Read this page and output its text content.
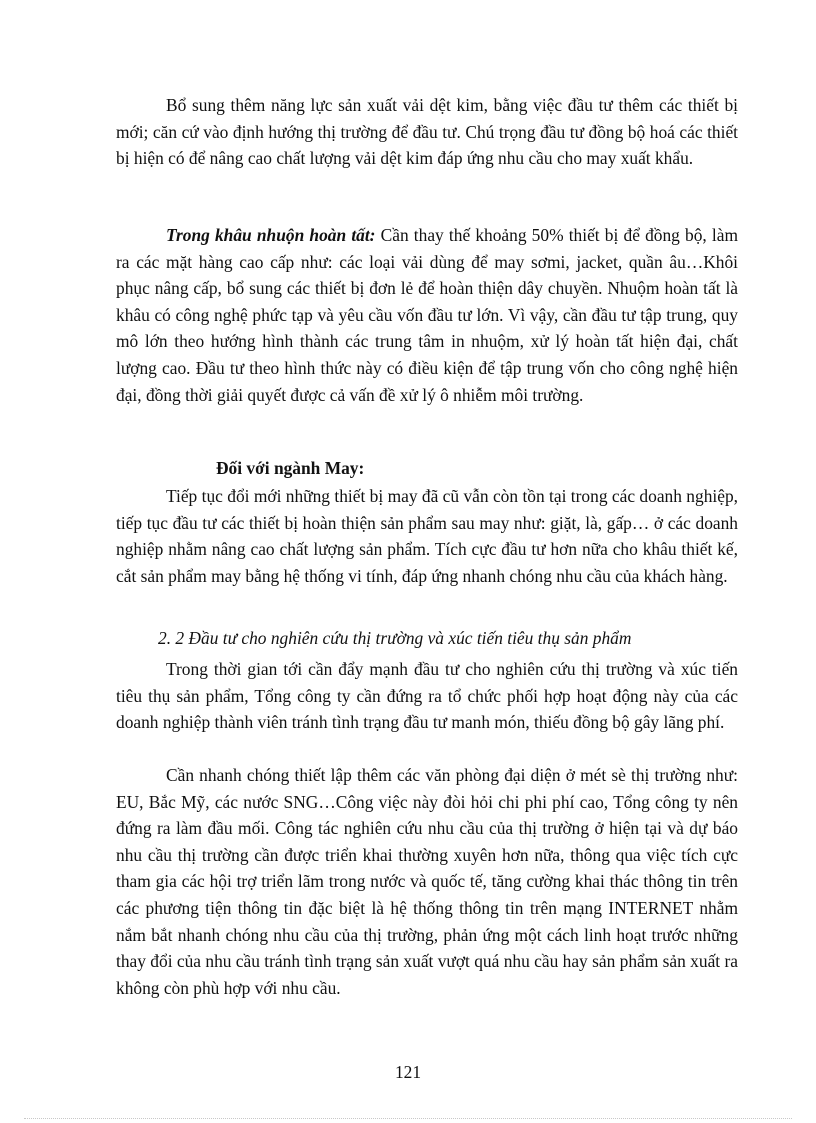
Bổ sung thêm năng lực sản xuất vải dệt kim, bằng việc đầu tư thêm các thiết bị mới; căn cứ vào định hướng thị trường để đầu tư. Chú trọng đầu tư đồng bộ hoá các thiết bị hiện có để nâng cao chất lượng vải dệt kim đáp ứng nhu cầu cho may xuất khẩu.

Trong khâu nhuộn hoàn tất: Cần thay thế khoảng 50% thiết bị để đồng bộ, làm ra các mặt hàng cao cấp như: các loại vải dùng để may sơmi, jacket, quần âu…Khôi phục nâng cấp, bổ sung các thiết bị đơn lẻ để hoàn thiện dây chuyền. Nhuộm hoàn tất là khâu có công nghệ phức tạp và yêu cầu vốn đầu tư lớn. Vì vậy, cần đầu tư tập trung, quy mô lớn theo hướng hình thành các trung tâm in nhuộm, xử lý hoàn tất hiện đại, chất lượng cao. Đầu tư theo hình thức này có điều kiện để tập trung vốn cho công nghệ hiện đại, đồng thời giải quyết được cả vấn đề xử lý ô nhiễm môi trường.

Đối với ngành May:

Tiếp tục đổi mới những thiết bị may đã cũ vẫn còn tồn tại trong các doanh nghiệp, tiếp tục đầu tư các thiết bị hoàn thiện sản phẩm sau may như: giặt, là, gấp… ở các doanh nghiệp nhằm nâng cao chất lượng sản phẩm. Tích cực đầu tư hơn nữa cho khâu thiết kế, cắt sản phẩm may bằng hệ thống vi tính, đáp ứng nhanh chóng nhu cầu của khách hàng.

2. 2 Đầu tư cho nghiên cứu thị trường và xúc tiến tiêu thụ sản phẩm

Trong thời gian tới cần đẩy mạnh đầu tư cho nghiên cứu thị trường và xúc tiến tiêu thụ sản phẩm, Tổng công ty cần đứng ra tổ chức phối hợp hoạt động này của các doanh nghiệp thành viên tránh tình trạng đầu tư manh món, thiếu đồng bộ gây lãng phí.

Cần nhanh chóng thiết lập thêm các văn phòng đại diện ở mét sè thị trường như: EU, Bắc Mỹ, các nước SNG…Công việc này đòi hỏi chi phi phí cao, Tổng công ty nên đứng ra làm đầu mối. Công tác nghiên cứu nhu cầu của thị trường ở hiện tại và dự báo nhu cầu thị trường cần được triển khai thường xuyên hơn nữa, thông qua việc tích cực tham gia các hội trợ triển lãm trong nước và quốc tế, tăng cường khai thác thông tin trên các phương tiện thông tin đặc biệt là hệ thống thông tin trên mạng INTERNET nhằm nắm bắt nhanh chóng nhu cầu của thị trường, phản ứng một cách linh hoạt trước những thay đổi của nhu cầu tránh tình trạng sản xuất vượt quá nhu cầu hay sản phẩm sản xuất ra không còn phù hợp với nhu cầu.

121
